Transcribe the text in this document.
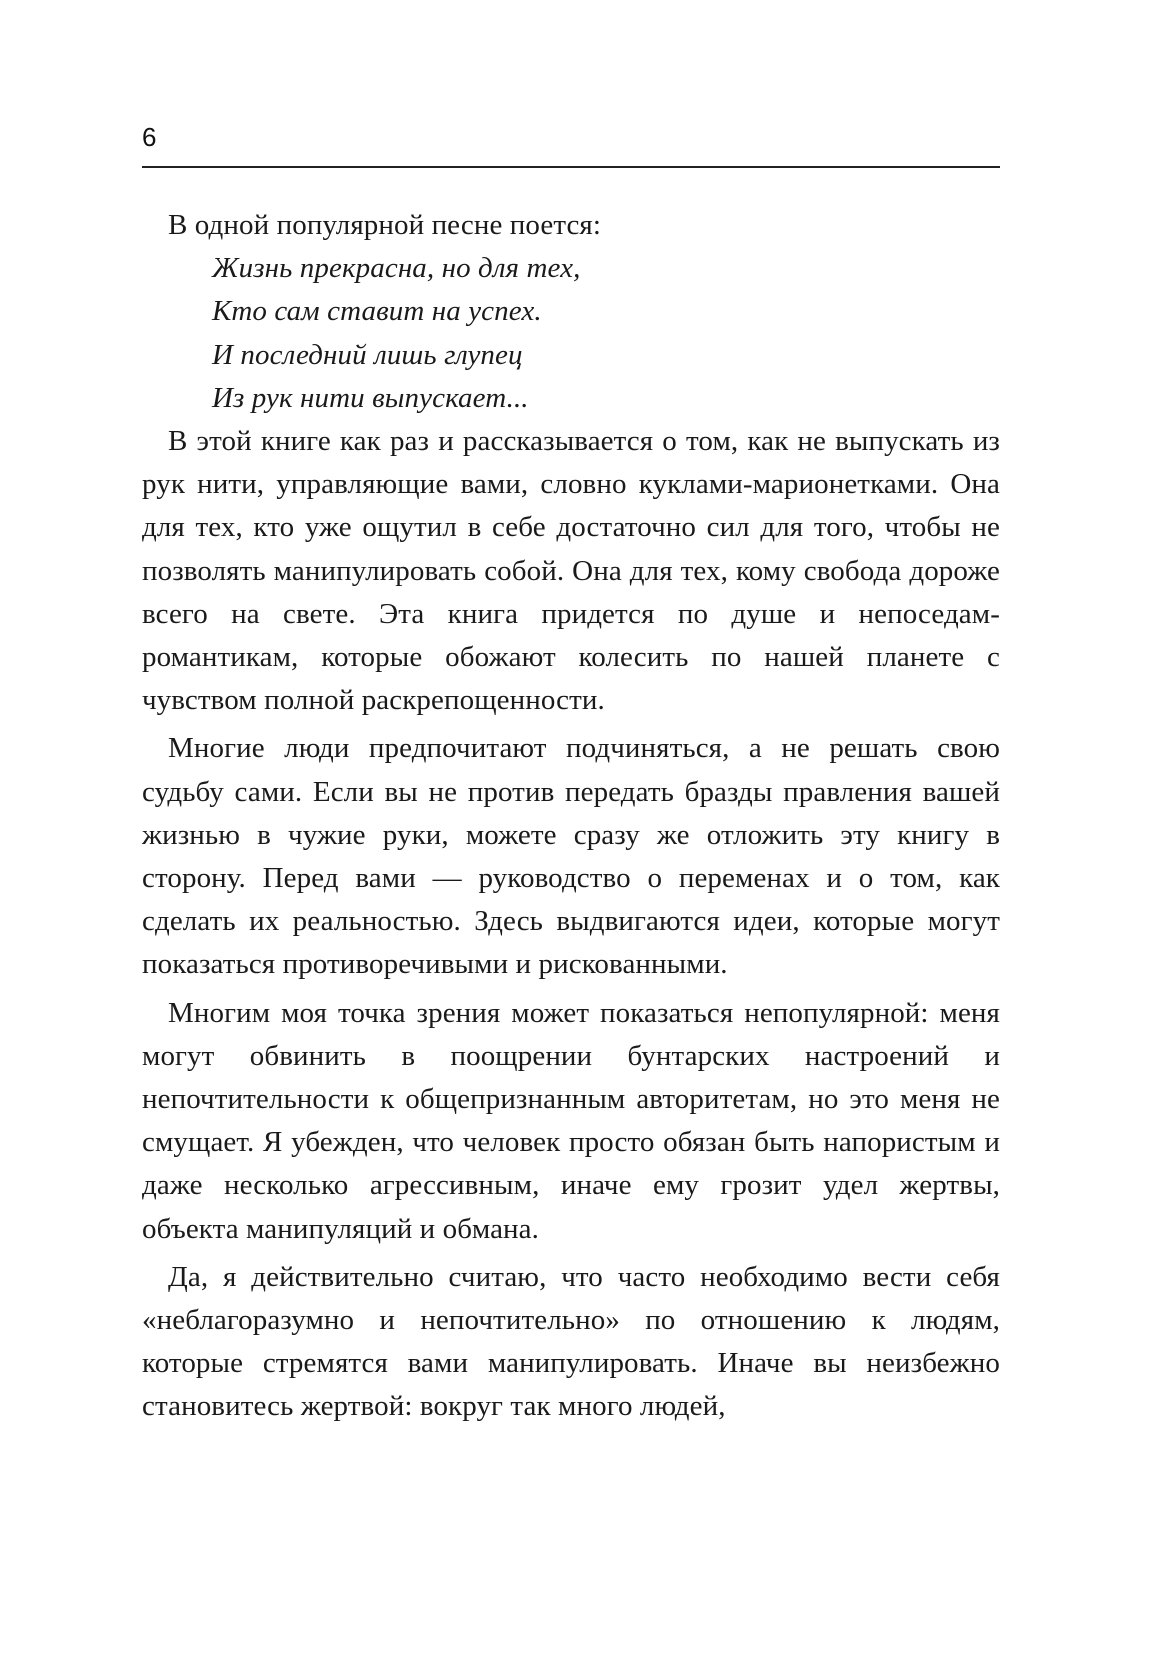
6

В одной популярной песне поется:

Жизнь прекрасна, но для тех,
Кто сам ставит на успех.
И последний лишь глупец
Из рук нити выпускает...

В этой книге как раз и рассказывается о том, как не выпускать из рук нити, управляющие вами, словно куклами-марионетками. Она для тех, кто уже ощутил в себе достаточно сил для того, чтобы не позволять манипулировать собой. Она для тех, кому свобода дороже всего на свете. Эта книга придется по душе и непоседам-романтикам, которые обожают колесить по нашей планете с чувством полной раскрепощенности.

Многие люди предпочитают подчиняться, а не решать свою судьбу сами. Если вы не против передать бразды правления вашей жизнью в чужие руки, можете сразу же отложить эту книгу в сторону. Перед вами — руководство о переменах и о том, как сделать их реальностью. Здесь выдвигаются идеи, которые могут показаться противоречивыми и рискованными.

Многим моя точка зрения может показаться непопулярной: меня могут обвинить в поощрении бунтарских настроений и непочтительности к общепризнанным авторитетам, но это меня не смущает. Я убежден, что человек просто обязан быть напористым и даже несколько агрессивным, иначе ему грозит удел жертвы, объекта манипуляций и обмана.

Да, я действительно считаю, что часто необходимо вести себя «неблагоразумно и непочтительно» по отношению к людям, которые стремятся вами манипулировать. Иначе вы неизбежно становитесь жертвой: вокруг так много людей,
